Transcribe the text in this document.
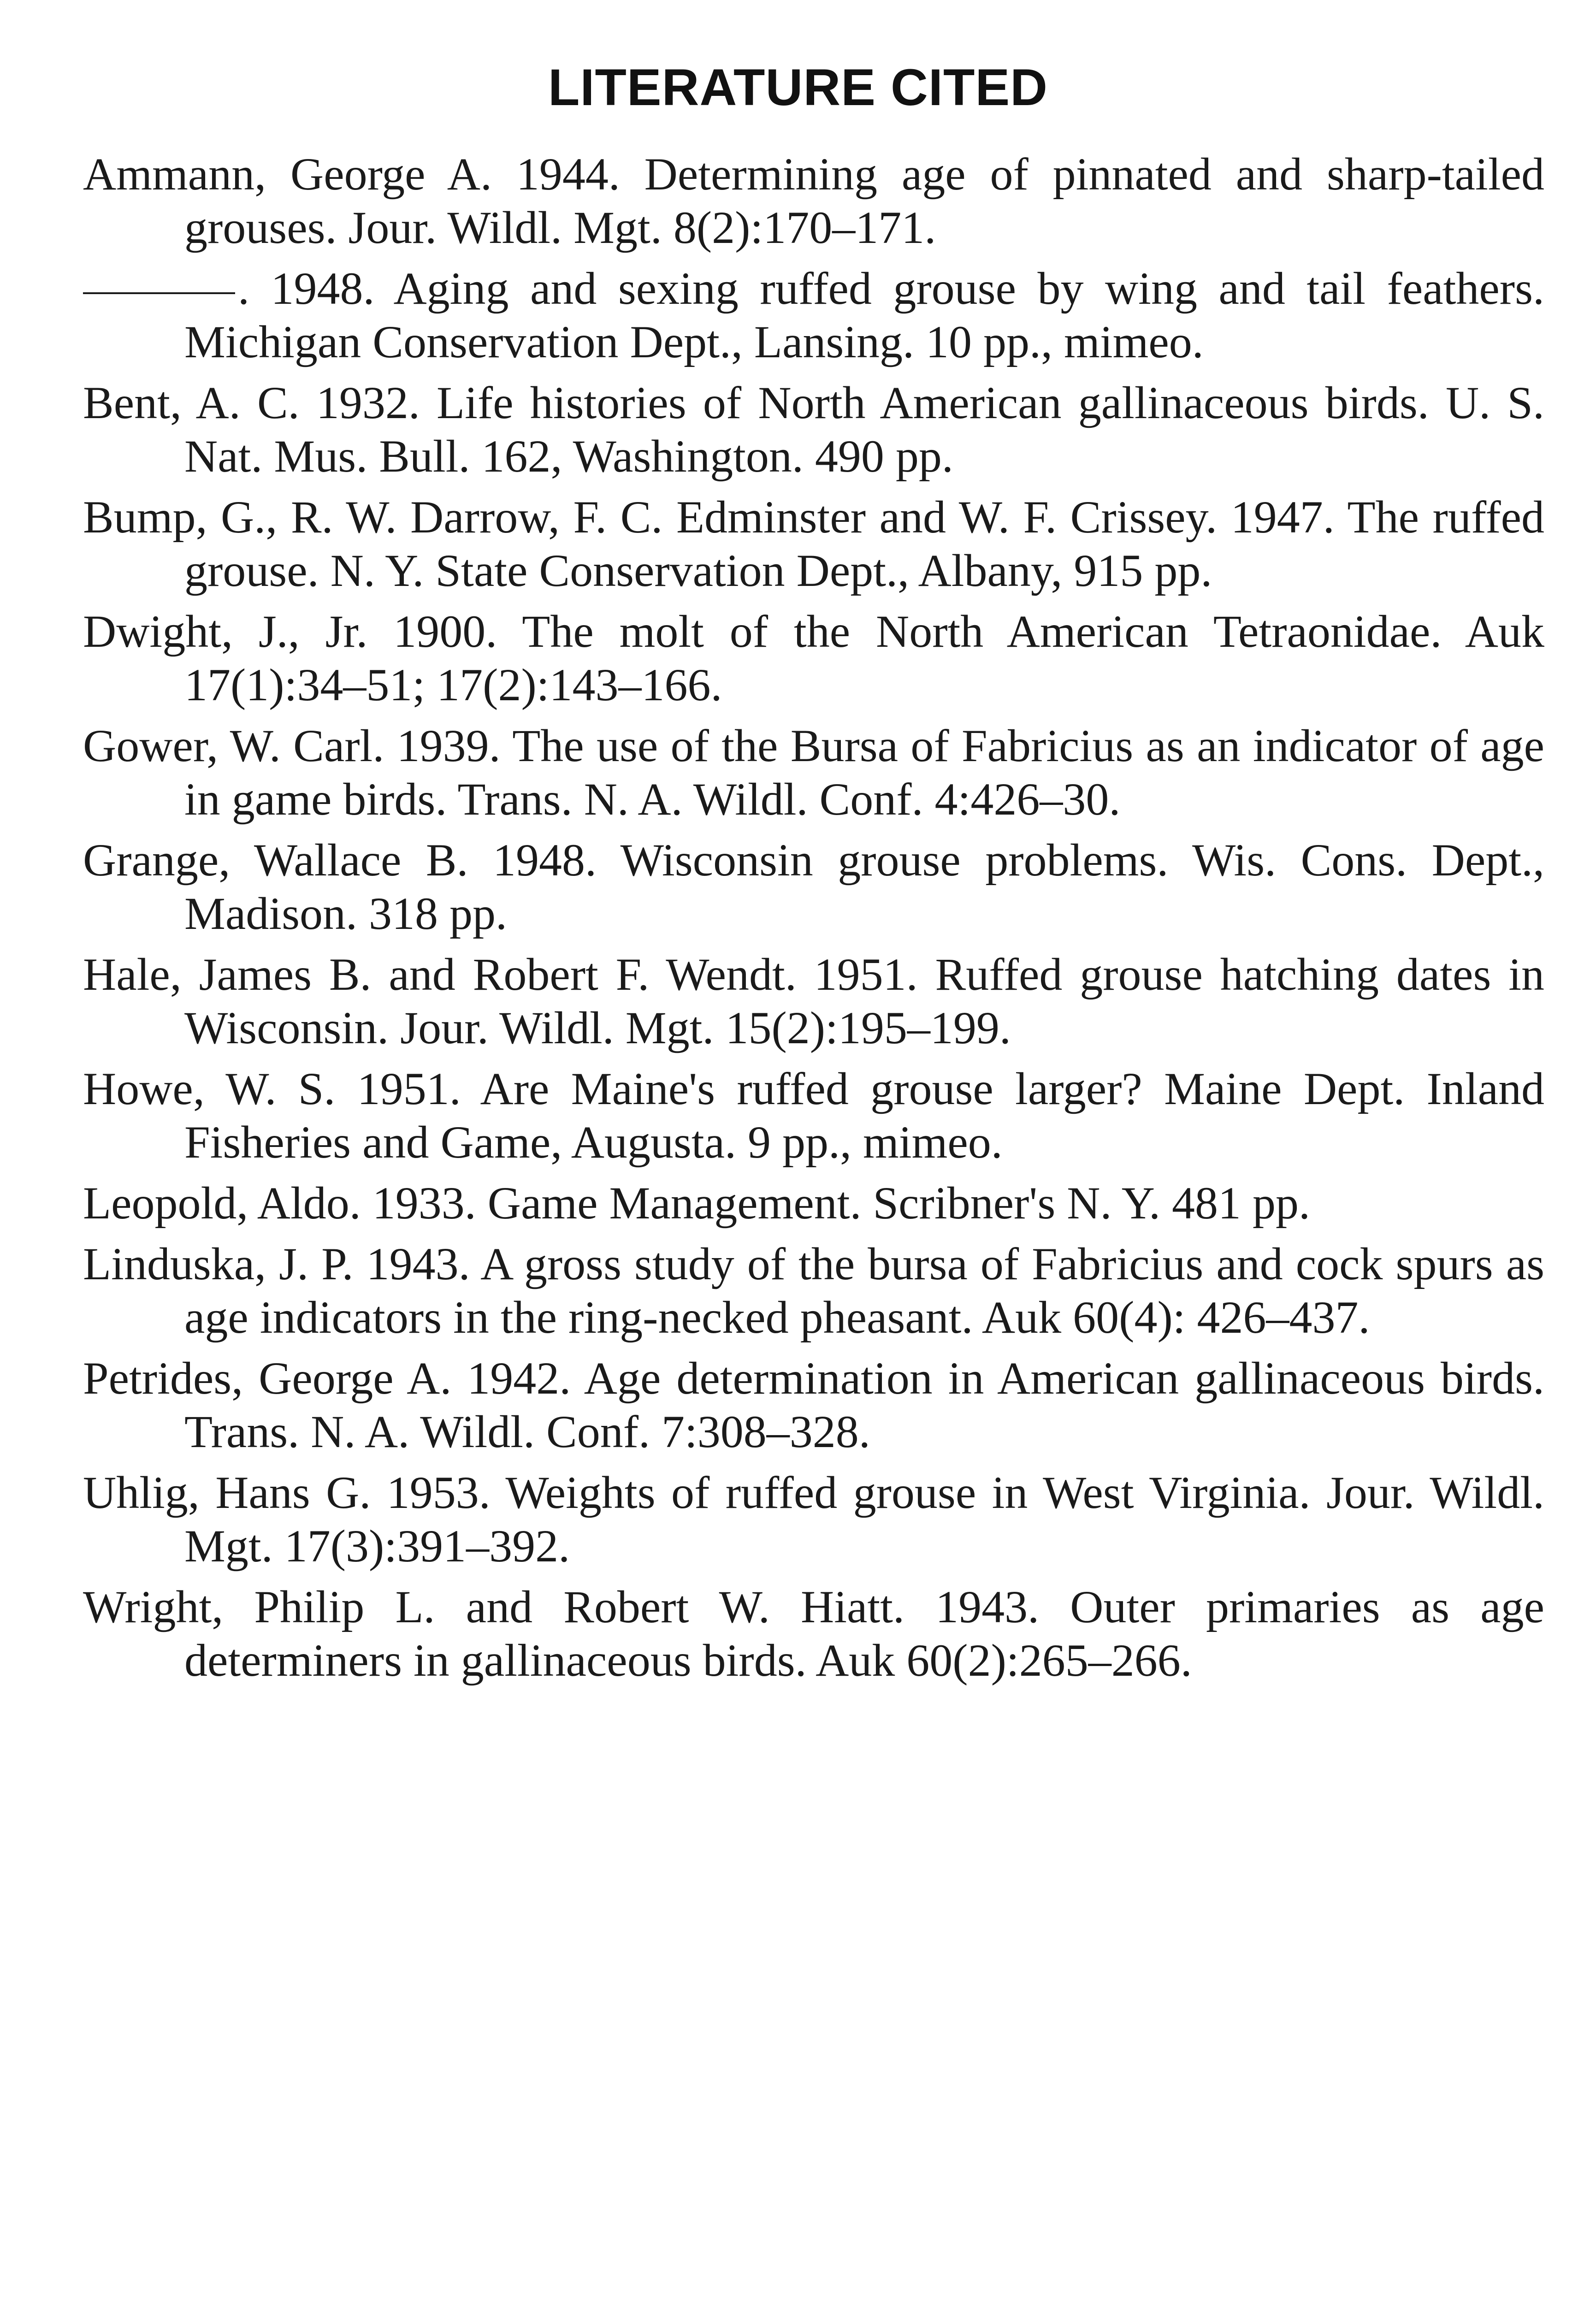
LITERATURE CITED

Ammann, George A. 1944. Determining age of pinnated and sharp-tailed grouses. Jour. Wildl. Mgt. 8(2):170–171.

. 1948. Aging and sexing ruffed grouse by wing and tail feathers. Michigan Conservation Dept., Lansing. 10 pp., mimeo.

Bent, A. C. 1932. Life histories of North American gallinaceous birds. U. S. Nat. Mus. Bull. 162, Washington. 490 pp.

Bump, G., R. W. Darrow, F. C. Edminster and W. F. Crissey. 1947. The ruffed grouse. N. Y. State Conservation Dept., Albany, 915 pp.

Dwight, J., Jr. 1900. The molt of the North American Tetraonidae. Auk 17(1):34–51; 17(2):143–166.

Gower, W. Carl. 1939. The use of the Bursa of Fabricius as an indicator of age in game birds. Trans. N. A. Wildl. Conf. 4:426–30.

Grange, Wallace B. 1948. Wisconsin grouse problems. Wis. Cons. Dept., Madison. 318 pp.

Hale, James B. and Robert F. Wendt. 1951. Ruffed grouse hatching dates in Wisconsin. Jour. Wildl. Mgt. 15(2):195–199.

Howe, W. S. 1951. Are Maine's ruffed grouse larger? Maine Dept. Inland Fisheries and Game, Augusta. 9 pp., mimeo.

Leopold, Aldo. 1933. Game Management. Scribner's N. Y. 481 pp.

Linduska, J. P. 1943. A gross study of the bursa of Fabricius and cock spurs as age indicators in the ring-necked pheasant. Auk 60(4): 426–437.

Petrides, George A. 1942. Age determination in American gallinaceous birds. Trans. N. A. Wildl. Conf. 7:308–328.

Uhlig, Hans G. 1953. Weights of ruffed grouse in West Virginia. Jour. Wildl. Mgt. 17(3):391–392.

Wright, Philip L. and Robert W. Hiatt. 1943. Outer primaries as age determiners in gallinaceous birds. Auk 60(2):265–266.
